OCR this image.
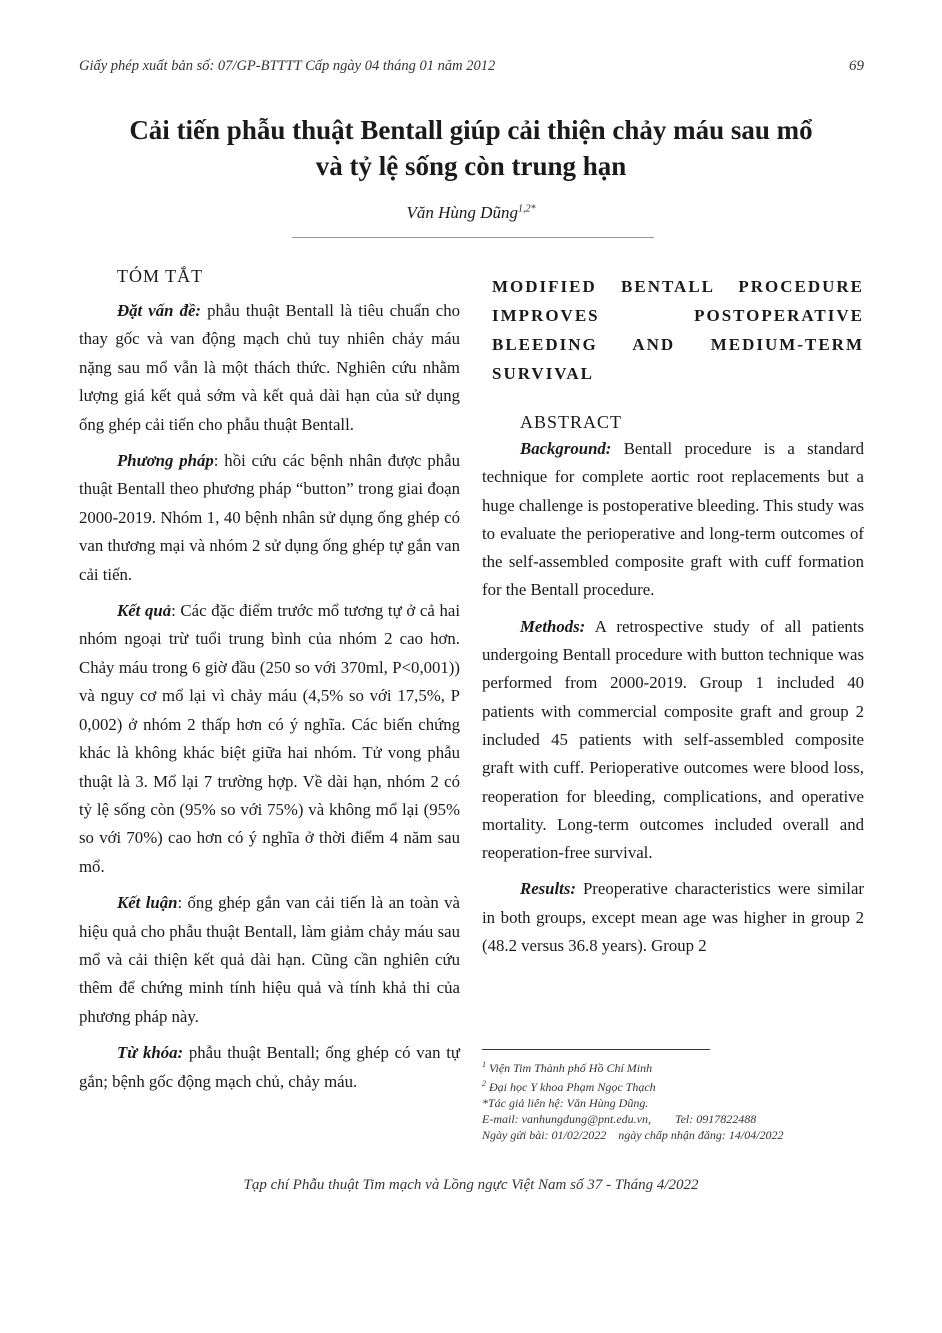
Giấy phép xuất bản số: 07/GP-BTTTT Cấp ngày 04 tháng 01 năm 2012	69
Cải tiến phẫu thuật Bentall giúp cải thiện chảy máu sau mổ
và tỷ lệ sống còn trung hạn
Văn Hùng Dũng$^{1,2*}$
TÓM TẮT

Đặt vấn đề: phẫu thuật Bentall là tiêu chuẩn cho thay gốc và van động mạch chủ tuy nhiên chảy máu nặng sau mổ vẫn là một thách thức. Nghiên cứu nhằm lượng giá kết quả sớm và kết quả dài hạn của sử dụng ống ghép cải tiến cho phẫu thuật Bentall.

Phương pháp: hồi cứu các bệnh nhân được phẫu thuật Bentall theo phương pháp “button” trong giai đoạn 2000-2019. Nhóm 1, 40 bệnh nhân sử dụng ống ghép có van thương mại và nhóm 2 sử dụng ống ghép tự gắn van cải tiến.

Kết quả: Các đặc điểm trước mổ tương tự ở cả hai nhóm ngoại trừ tuổi trung bình của nhóm 2 cao hơn. Chảy máu trong 6 giờ đầu (250 so với 370ml, P<0,001)) và nguy cơ mổ lại vì chảy máu (4,5% so với 17,5%, P 0,002) ở nhóm 2 thấp hơn có ý nghĩa. Các biến chứng khác là không khác biệt giữa hai nhóm. Tử vong phẫu thuật là 3. Mổ lại 7 trường hợp. Về dài hạn, nhóm 2 có tỷ lệ sống còn (95% so với 75%) và không mổ lại (95% so với 70%) cao hơn có ý nghĩa ở thời điểm 4 năm sau mổ.

Kết luận: ống ghép gắn van cải tiến là an toàn và hiệu quả cho phẫu thuật Bentall, làm giảm chảy máu sau mổ và cải thiện kết quả dài hạn. Cũng cần nghiên cứu thêm để chứng minh tính hiệu quả và tính khả thi của phương pháp này.

Từ khóa: phẫu thuật Bentall; ống ghép có van tự gắn; bệnh gốc động mạch chủ, chảy máu.

MODIFIED BENTALL PROCEDURE IMPROVES POSTOPERATIVE BLEEDING AND MEDIUM-TERM SURVIVAL
ABSTRACT

Background: Bentall procedure is a standard technique for complete aortic root replacements but a huge challenge is postoperative bleeding. This study was to evaluate the perioperative and long-term outcomes of the self-assembled composite graft with cuff formation for the Bentall procedure.

Methods: A retrospective study of all patients undergoing Bentall procedure with button technique was performed from 2000-2019. Group 1 included 40 patients with commercial composite graft and group 2 included 45 patients with self-assembled composite graft with cuff. Perioperative outcomes were blood loss, reoperation for bleeding, complications, and operative mortality. Long-term outcomes included overall and reoperation-free survival.

Results: Preoperative characteristics were similar in both groups, except mean age was higher in group 2 (48.2 versus 36.8 years). Group 2

$^1$ Viện Tim Thành phố Hồ Chí Minh
$^2$ Đại học Y khoa Phạm Ngọc Thạch
*Tác giả liên hệ: Văn Hùng Dũng.
E-mail: vanhungdung@pnt.edu.vn,        Tel: 0917822488
Ngày gửi bài: 01/02/2022    ngày chấp nhận đăng: 14/04/2022
Tạp chí Phẫu thuật Tim mạch và Lồng ngực Việt Nam số 37 - Tháng 4/2022
